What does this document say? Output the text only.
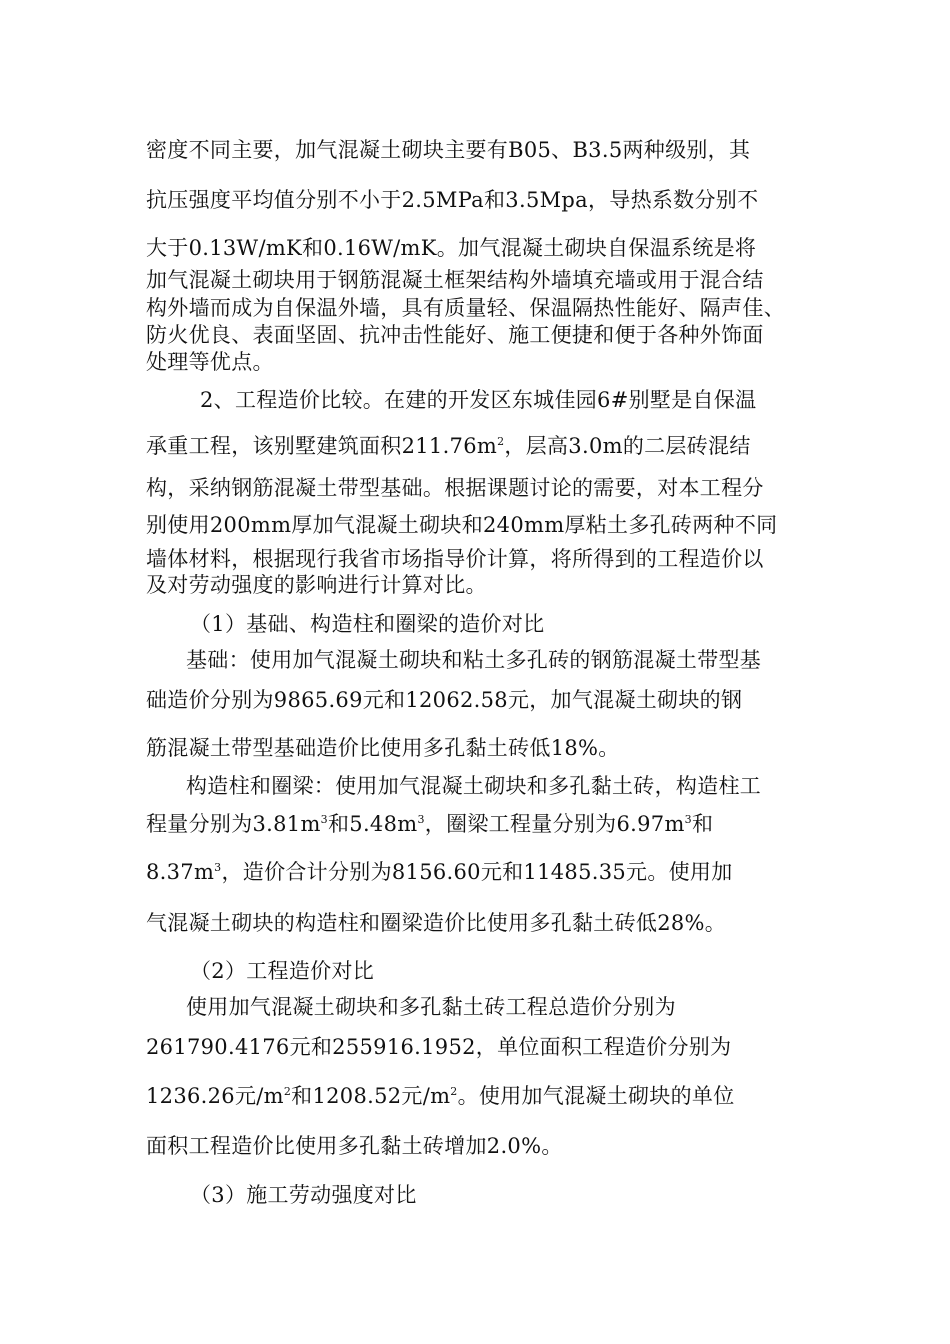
密度不同主要，加气混凝土砌块主要有B05、B3.5两种级别，其
抗压强度平均值分别不小于2.5MPa和3.5Mpa，导热系数分别不
大于0.13W/mK和0.16W/mK。加气混凝土砌块自保温系统是将
加气混凝土砌块用于钢筋混凝土框架结构外墙填充墙或用于混合结
构外墙而成为自保温外墙，具有质量轻、保温隔热性能好、隔声佳、
防火优良、表面坚固、抗冲击性能好、施工便捷和便于各种外饰面
处理等优点。
2、工程造价比较。在建的开发区东城佳园6#别墅是自保温
承重工程，该别墅建筑面积$211.76m^2$，层高3.0m的二层砖混结
构，采纳钢筋混凝土带型基础。根据课题讨论的需要，对本工程分
别使用200mm厚加气混凝土砌块和240mm厚粘土多孔砖两种不同
墙体材料，根据现行我省市场指导价计算，将所得到的工程造价以
及对劳动强度的影响进行计算对比。
（1）基础、构造柱和圈梁的造价对比
基础：使用加气混凝土砌块和粘土多孔砖的钢筋混凝土带型基
础造价分别为9865.69元和12062.58元，加气混凝土砌块的钢
筋混凝土带型基础造价比使用多孔黏土砖低18%。
构造柱和圈梁：使用加气混凝土砌块和多孔黏土砖，构造柱工
程量分别为$3.81m^3$和$5.48m^3$，圈梁工程量分别为$6.97m^3$和
$8.37m^3$，造价合计分别为8156.60元和11485.35元。使用加
气混凝土砌块的构造柱和圈梁造价比使用多孔黏土砖低28%。
（2）工程造价对比
使用加气混凝土砌块和多孔黏土砖工程总造价分别为
261790.4176元和255916.1952，单位面积工程造价分别为
1236.26元$/m^2$和1208.52元$/m^2$。使用加气混凝土砌块的单位
面积工程造价比使用多孔黏土砖增加2.0%。
（3）施工劳动强度对比
